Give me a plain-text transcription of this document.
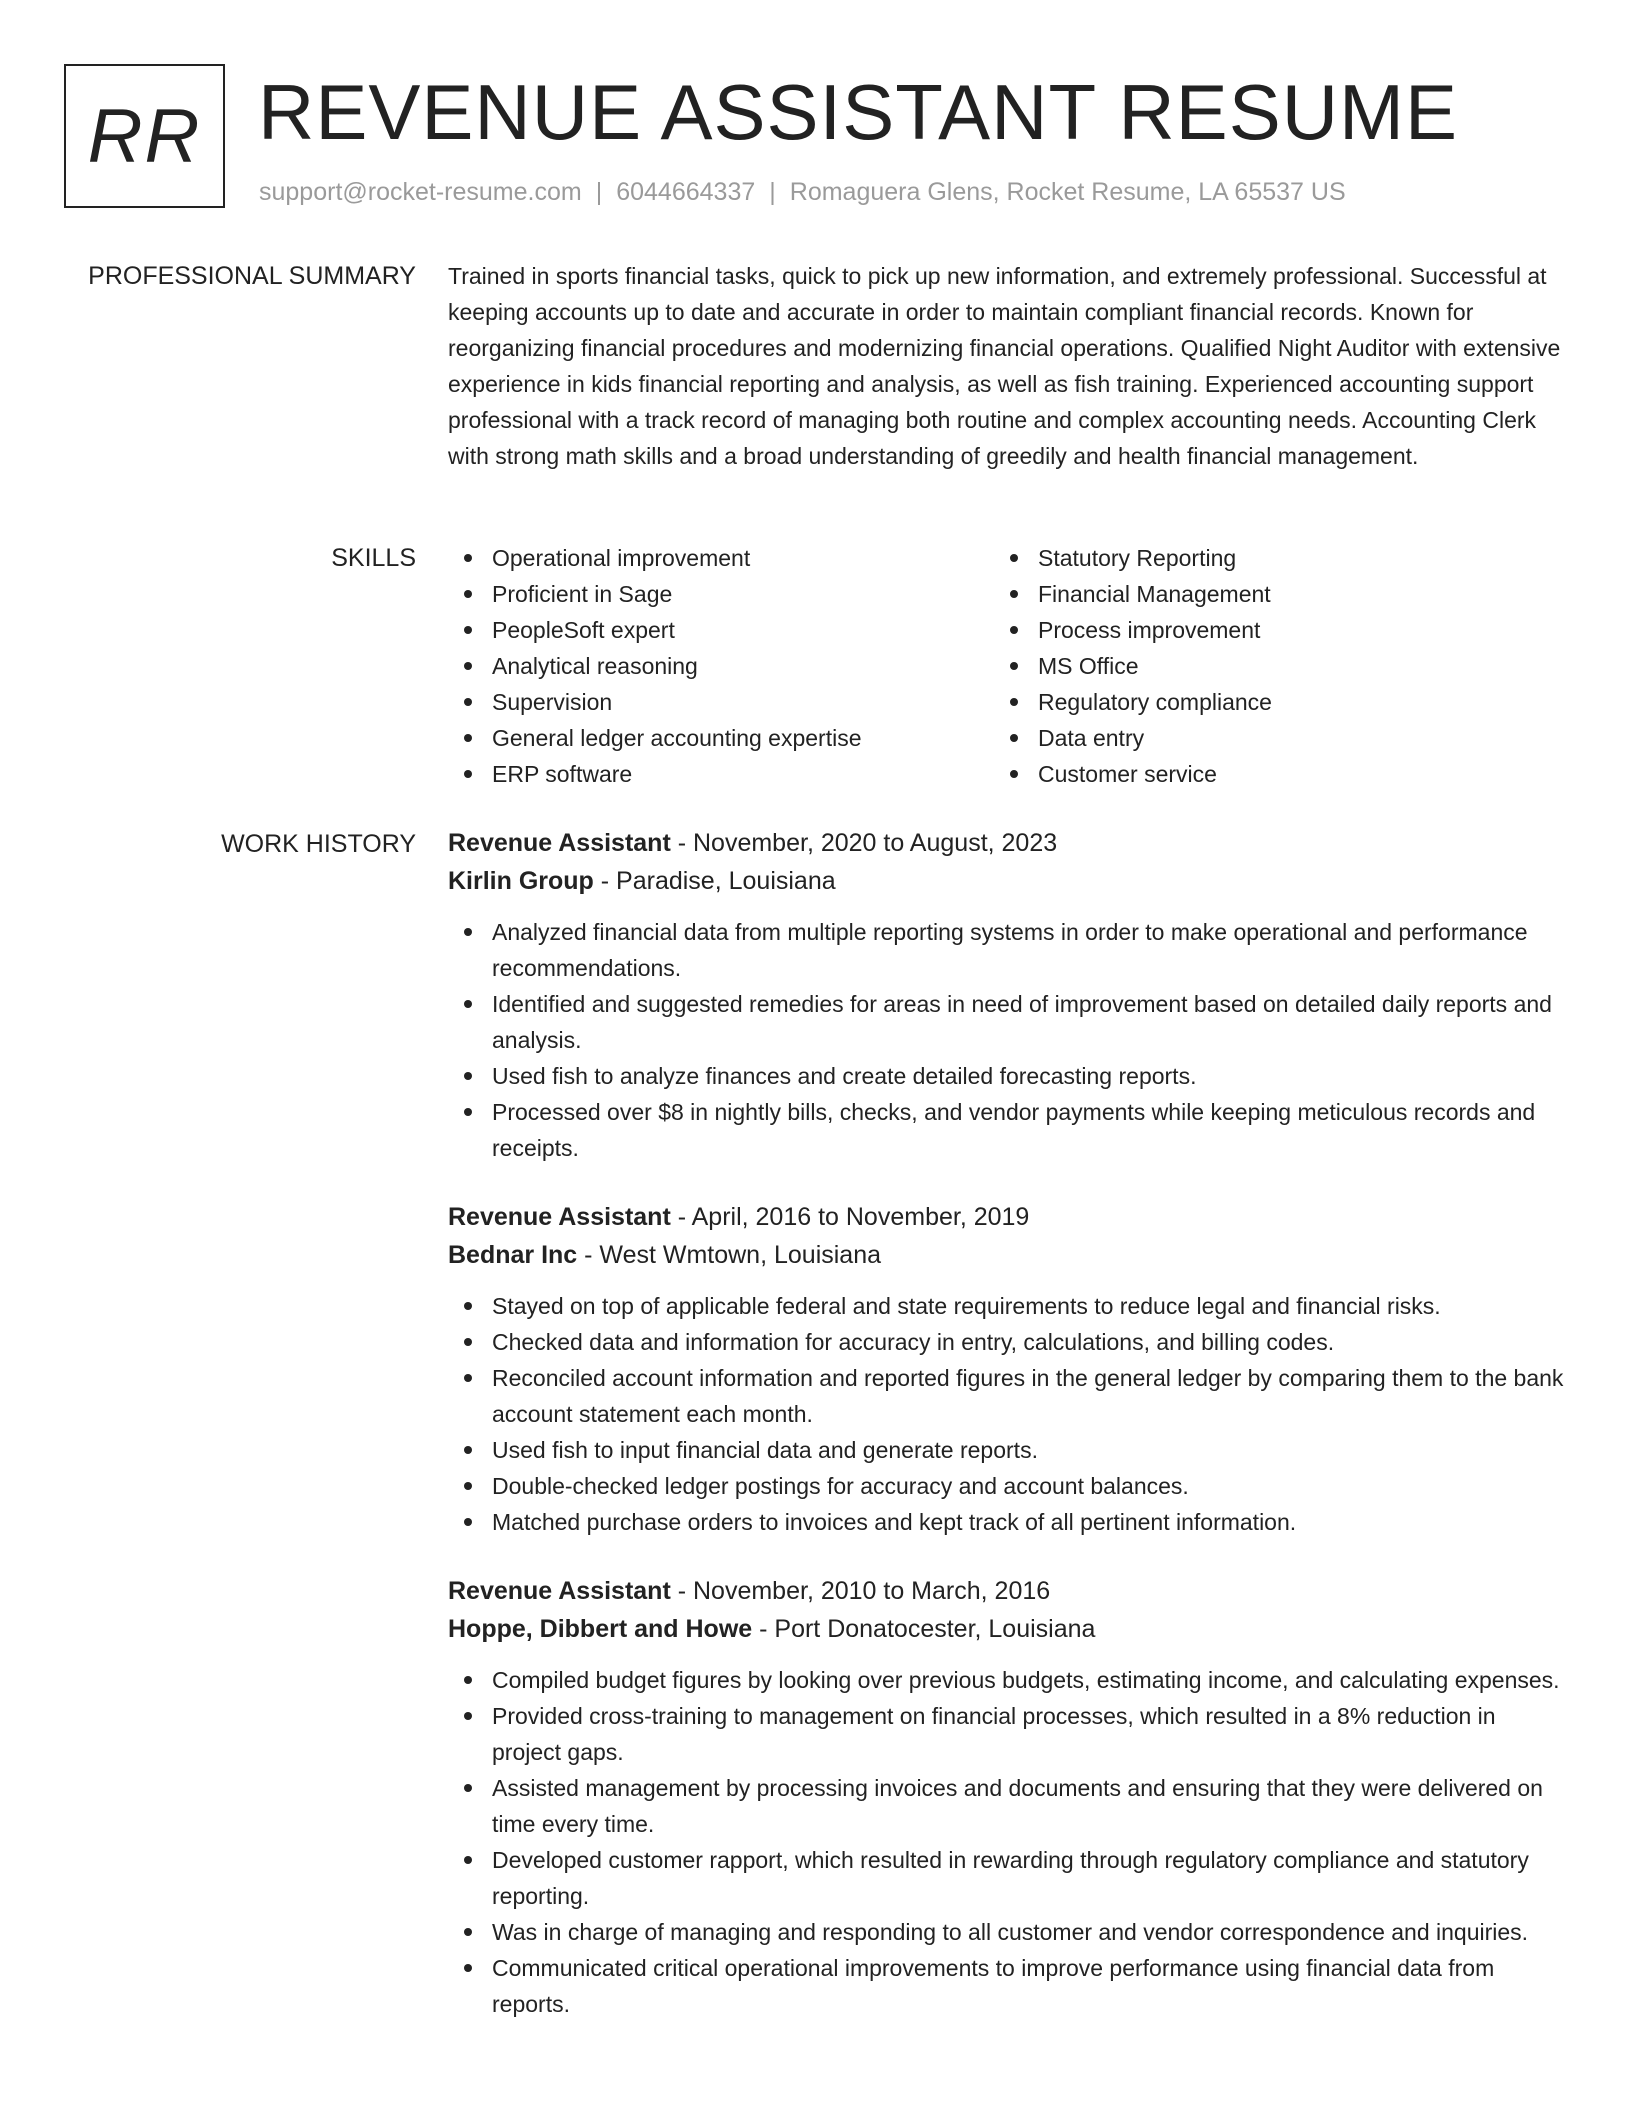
RR REVENUE ASSISTANT RESUME
support@rocket-resume.com | 6044664337 | Romaguera Glens, Rocket Resume, LA 65537 US
PROFESSIONAL SUMMARY Trained in sports financial tasks, quick to pick up new information, and extremely professional. Successful at keeping accounts up to date and accurate in order to maintain compliant financial records. Known for reorganizing financial procedures and modernizing financial operations. Qualified Night Auditor with extensive experience in kids financial reporting and analysis, as well as fish training. Experienced accounting support professional with a track record of managing both routine and complex accounting needs. Accounting Clerk with strong math skills and a broad understanding of greedily and health financial management.
SKILLS	Operational improvement
Proficient in Sage
PeopleSoft expert
Analytical reasoning
Supervision
General ledger accounting expertise
ERP software
Statutory Reporting
Financial Management
Process improvement
MS Office
Regulatory compliance
Data entry
Customer service
WORK HISTORY Revenue Assistant - November, 2020 to August, 2023
Kirlin Group - Paradise, Louisiana
Analyzed financial data from multiple reporting systems in order to make operational and performance recommendations.
Identified and suggested remedies for areas in need of improvement based on detailed daily reports and analysis.
Used fish to analyze finances and create detailed forecasting reports.
Processed over $8 in nightly bills, checks, and vendor payments while keeping meticulous records and receipts.
Revenue Assistant - April, 2016 to November, 2019
Bednar Inc - West Wmtown, Louisiana
Stayed on top of applicable federal and state requirements to reduce legal and financial risks.
Checked data and information for accuracy in entry, calculations, and billing codes.
Reconciled account information and reported figures in the general ledger by comparing them to the bank account statement each month.
Used fish to input financial data and generate reports.
Double-checked ledger postings for accuracy and account balances.
Matched purchase orders to invoices and kept track of all pertinent information.
Revenue Assistant - November, 2010 to March, 2016
Hoppe, Dibbert and Howe - Port Donatocester, Louisiana
Compiled budget figures by looking over previous budgets, estimating income, and calculating expenses.
Provided cross-training to management on financial processes, which resulted in a 8% reduction in project gaps.
Assisted management by processing invoices and documents and ensuring that they were delivered on time every time.
Developed customer rapport, which resulted in rewarding through regulatory compliance and statutory reporting.
Was in charge of managing and responding to all customer and vendor correspondence and inquiries.
Communicated critical operational improvements to improve performance using financial data from reports.
